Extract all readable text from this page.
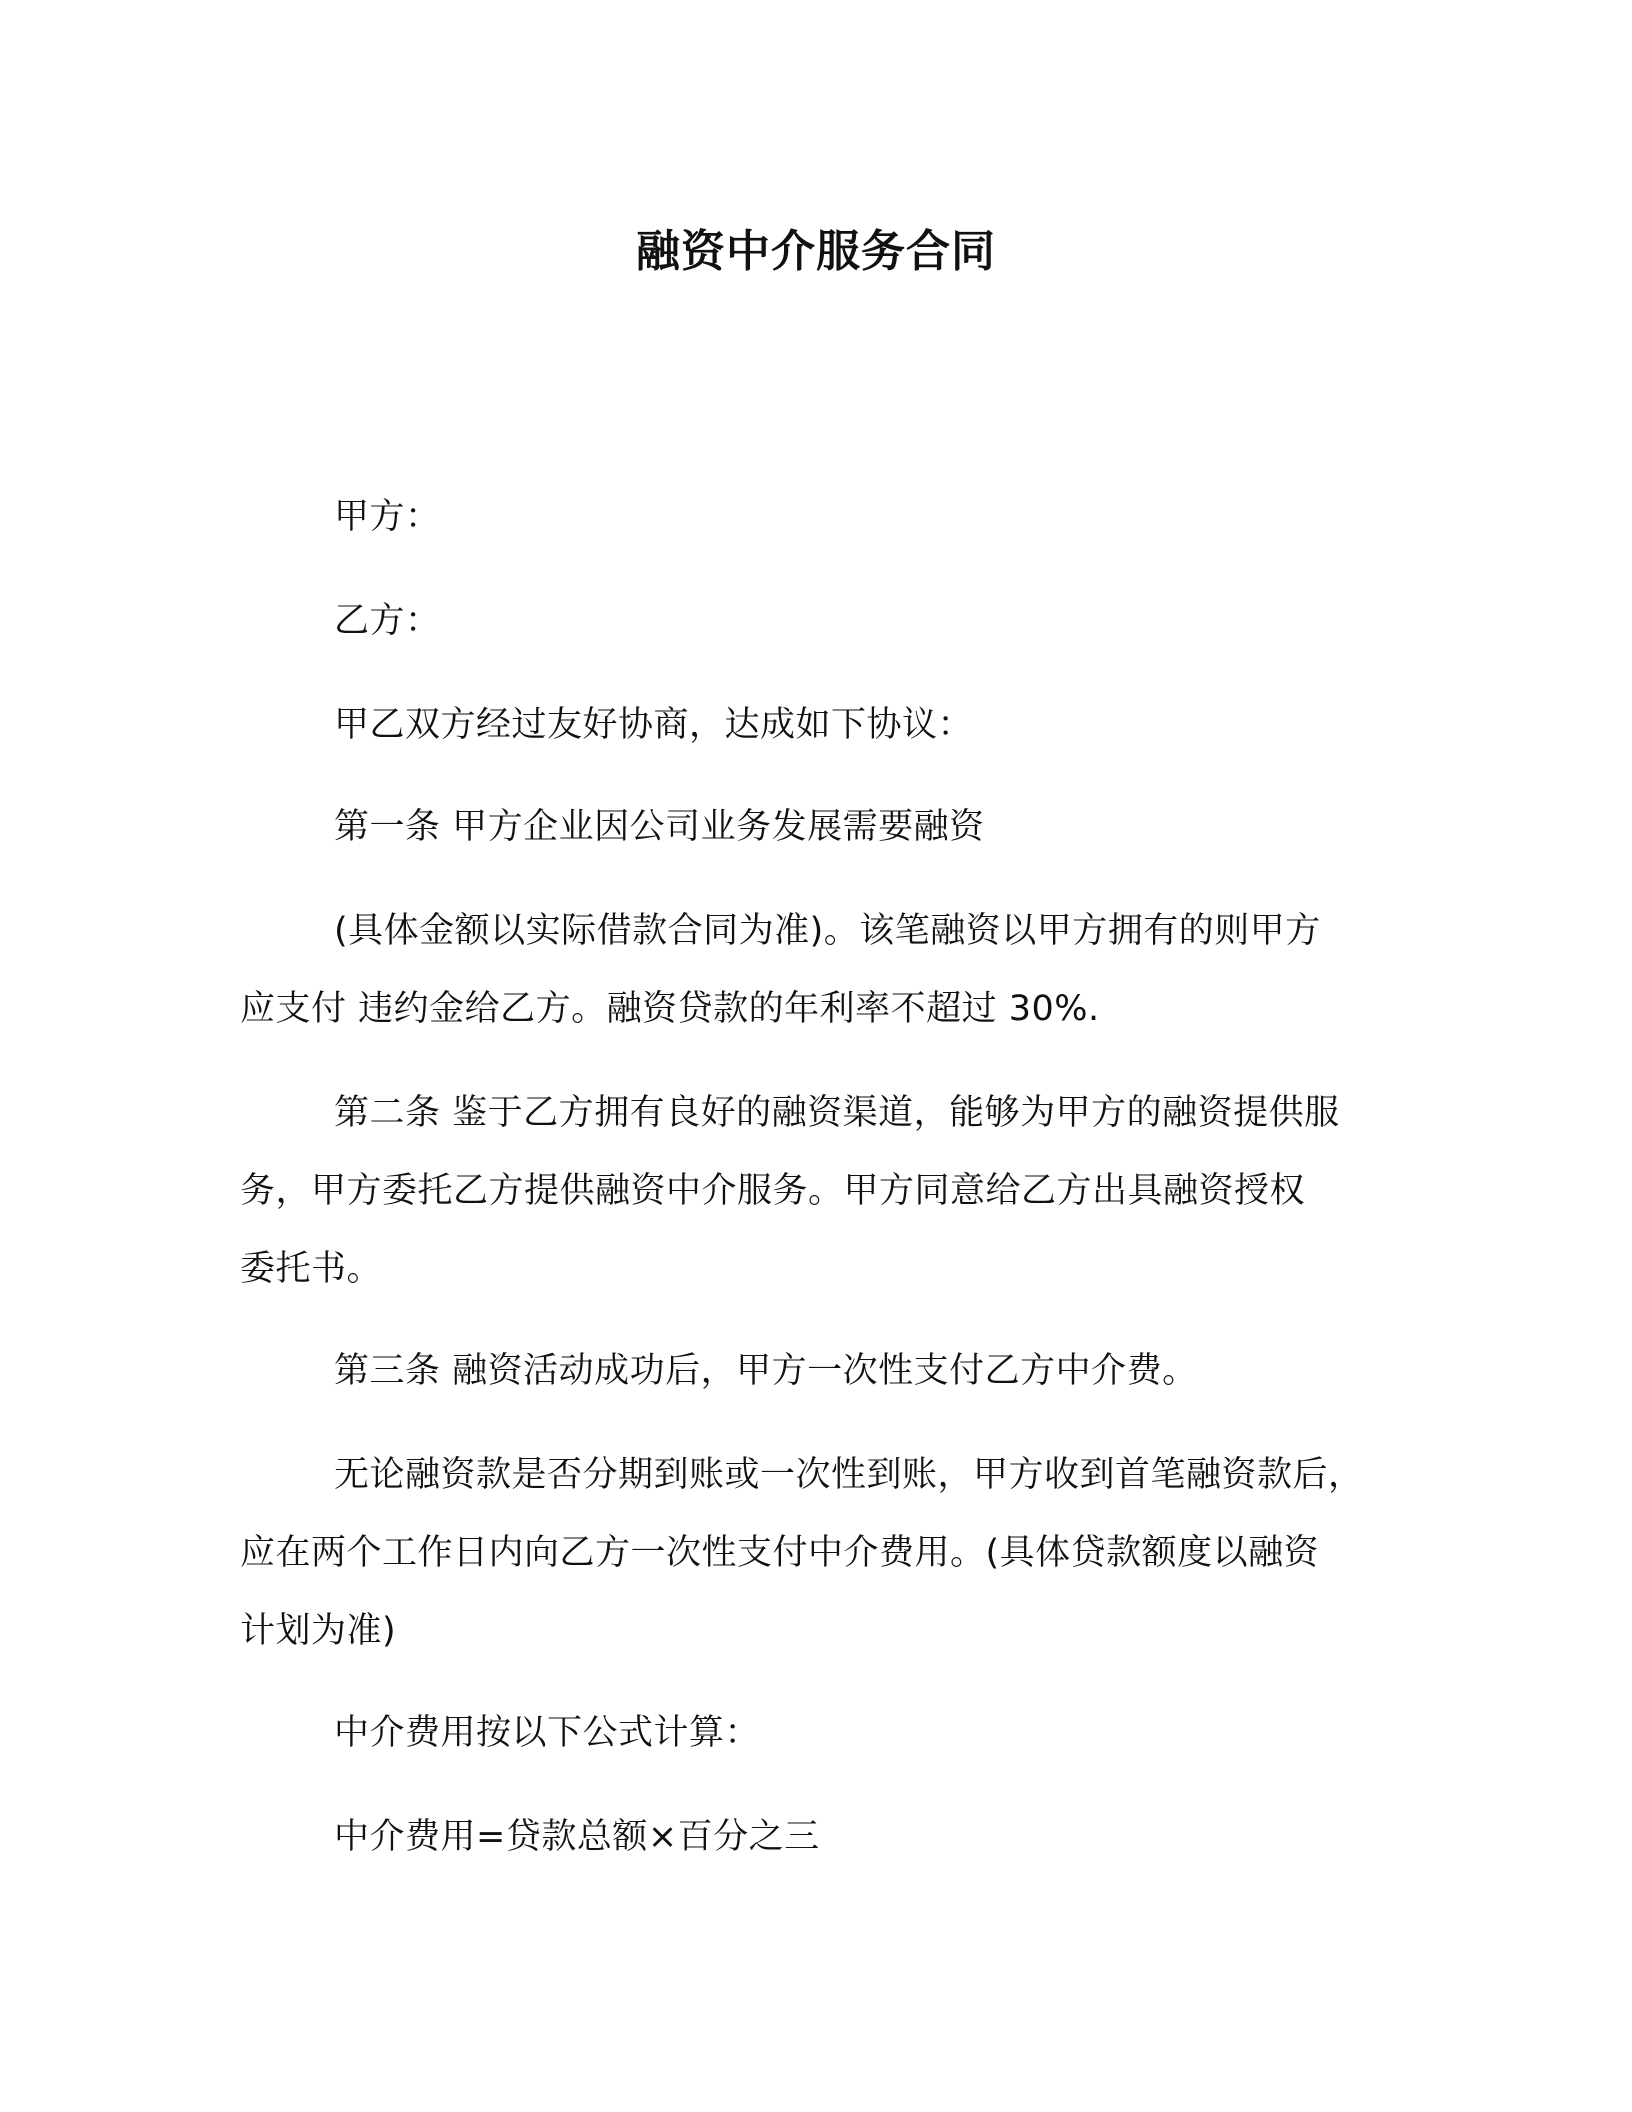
融资中介服务合同
甲方：
乙方：
甲乙双方经过友好协商，达成如下协议：
第一条 甲方企业因公司业务发展需要融资
(具体金额以实际借款合同为准)。该笔融资以甲方拥有的则甲方
应支付 违约金给乙方。融资贷款的年利率不超过 30%.
第二条 鉴于乙方拥有良好的融资渠道，能够为甲方的融资提供服
务，甲方委托乙方提供融资中介服务。甲方同意给乙方出具融资授权
委托书。
第三条 融资活动成功后，甲方一次性支付乙方中介费。
无论融资款是否分期到账或一次性到账，甲方收到首笔融资款后，
应在两个工作日内向乙方一次性支付中介费用。(具体贷款额度以融资
计划为准)
中介费用按以下公式计算：
中介费用=贷款总额×百分之三
